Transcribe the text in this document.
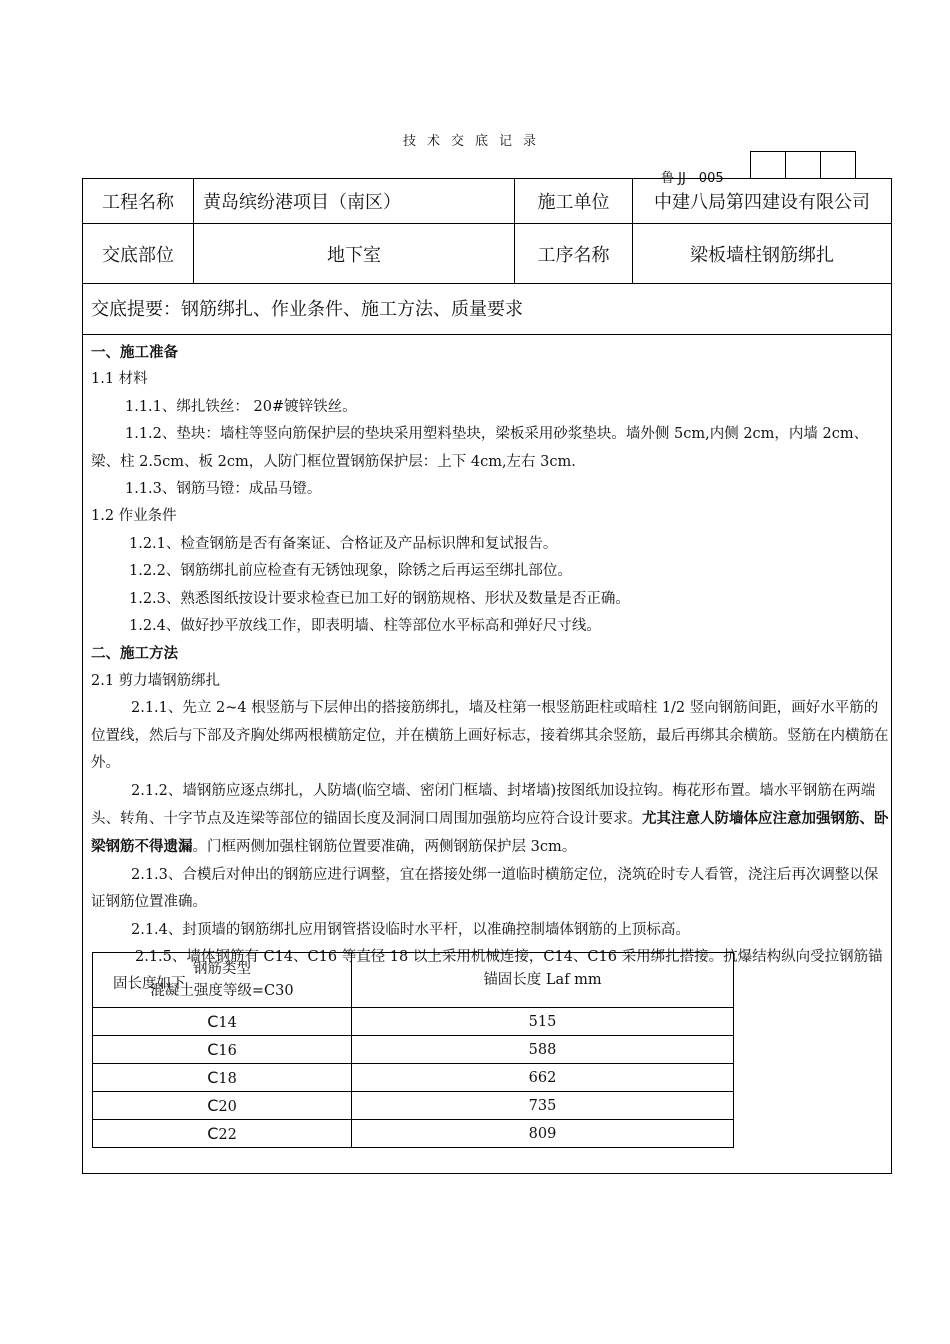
技术交底记录
鲁 JJ—005
工程名称	黄岛缤纷港项目（南区）	施工单位	中建八局第四建设有限公司
交底部位	地下室	工序名称	梁板墙柱钢筋绑扎
交底提要：钢筋绑扎、作业条件、施工方法、质量要求

一、施工准备

1.1 材料

1.1.1、绑扎铁丝： 20#镀锌铁丝。

1.1.2、垫块：墙柱等竖向筋保护层的垫块采用塑料垫块，梁板采用砂浆垫块。墙外侧 5cm,内侧 2cm，内墙 2cm、梁、柱 2.5cm、板 2cm，人防门框位置钢筋保护层：上下 4cm,左右 3cm.

1.1.3、钢筋马镫：成品马镫。

1.2 作业条件

1.2.1、检查钢筋是否有备案证、合格证及产品标识牌和复试报告。

1.2.2、钢筋绑扎前应检查有无锈蚀现象，除锈之后再运至绑扎部位。

1.2.3、熟悉图纸按设计要求检查已加工好的钢筋规格、形状及数量是否正确。

1.2.4、做好抄平放线工作，即表明墙、柱等部位水平标高和弹好尺寸线。

二、施工方法

2.1 剪力墙钢筋绑扎

2.1.1、先立 2~4 根竖筋与下层伸出的搭接筋绑扎，墙及柱第一根竖筋距柱或暗柱 1/2 竖向钢筋间距，画好水平筋的位置线，然后与下部及齐胸处绑两根横筋定位，并在横筋上画好标志，接着绑其余竖筋，最后再绑其余横筋。竖筋在内横筋在外。

2.1.2、墙钢筋应逐点绑扎，人防墙(临空墙、密闭门框墙、封堵墙)按图纸加设拉钩。梅花形布置。墙水平钢筋在两端头、转角、十字节点及连梁等部位的锚固长度及洞洞口周围加强筋均应符合设计要求。尤其注意人防墙体应注意加强钢筋、卧梁钢筋不得遗漏。门框两侧加强柱钢筋位置要准确，两侧钢筋保护层 3cm。

2.1.3、合模后对伸出的钢筋应进行调整，宜在搭接处绑一道临时横筋定位，浇筑砼时专人看管，浇注后再次调整以保证钢筋位置准确。

2.1.4、封顶墙的钢筋绑扎应用钢管搭设临时水平杆，以准确控制墙体钢筋的上顶标高。

2.1.5、墙体钢筋有 C14、C16 等直径 18 以上采用机械连接，C14、C16 采用绑扎搭接。抗爆结构纵向受拉钢筋锚固长度如下

钢筋类型
混凝土强度等级=C30	锚固长度 Laf mm
C14	515
C16	588
C18	662
C20	735
C22	809
